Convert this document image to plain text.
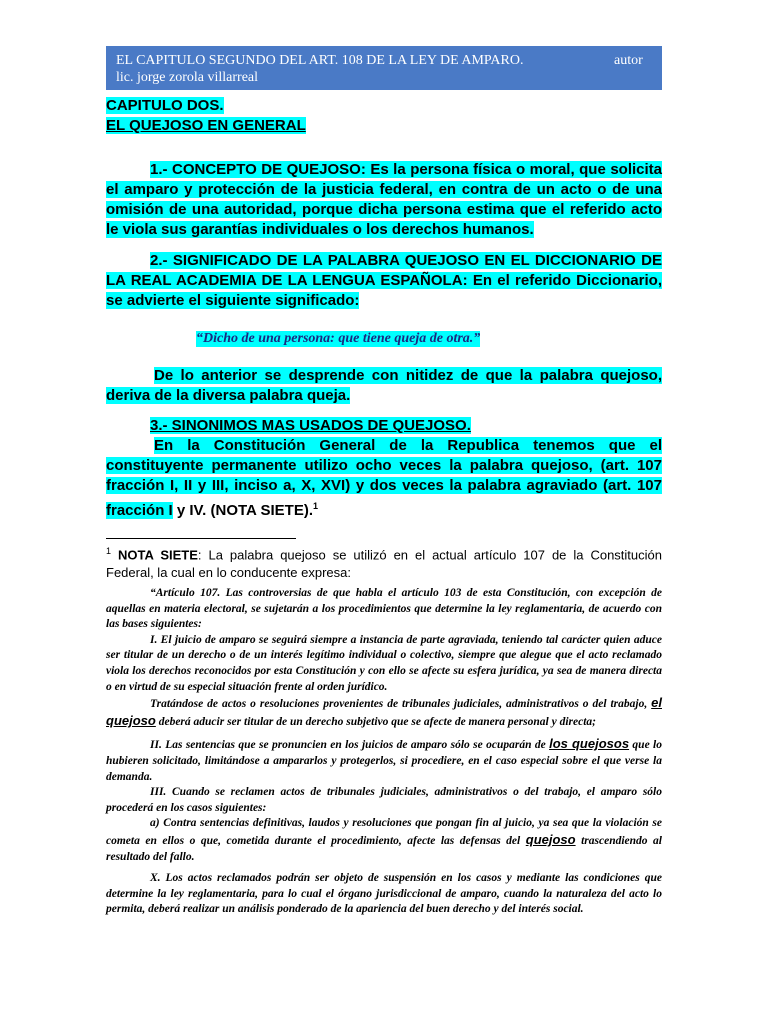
EL CAPITULO SEGUNDO DEL ART. 108 DE LA LEY DE AMPARO.	autor
lic. jorge zorola villarreal
CAPITULO DOS.
EL QUEJOSO EN GENERAL
1.- CONCEPTO DE QUEJOSO: Es la persona física o moral, que solicita el amparo y protección de la justicia federal, en contra de un acto o de una omisión de una autoridad, porque dicha persona estima que el referido acto le viola sus garantías individuales o los derechos humanos.
2.- SIGNIFICADO DE LA PALABRA QUEJOSO EN EL DICCIONARIO DE LA REAL ACADEMIA DE LA LENGUA ESPAÑOLA: En el referido Diccionario, se advierte el siguiente significado:
“Dicho de una persona: que tiene queja de otra.”
De lo anterior se desprende con nitidez de que la palabra quejoso, deriva de la diversa palabra queja.
3.- SINONIMOS MAS USADOS DE QUEJOSO.
En la Constitución General de la Republica tenemos que el constituyente permanente utilizo ocho veces la palabra quejoso, (art. 107 fracción I, II y III, inciso a, X, XVI) y dos veces la palabra agraviado (art. 107 fracción I y IV. (NOTA SIETE).$^1$
$^1$ NOTA SIETE: La palabra quejoso se utilizó en el actual artículo 107 de la Constitución Federal, la cual en lo conducente expresa:

“Artículo 107. Las controversias de que habla el artículo 103 de esta Constitución, con excepción de aquellas en materia electoral, se sujetarán a los procedimientos que determine la ley reglamentaria, de acuerdo con las bases siguientes:

I. El juicio de amparo se seguirá siempre a instancia de parte agraviada, teniendo tal carácter quien aduce ser titular de un derecho o de un interés legítimo individual o colectivo, siempre que alegue que el acto reclamado viola los derechos reconocidos por esta Constitución y con ello se afecte su esfera jurídica, ya sea de manera directa o en virtud de su especial situación frente al orden jurídico.

Tratándose de actos o resoluciones provenientes de tribunales judiciales, administrativos o del trabajo, el quejoso deberá aducir ser titular de un derecho subjetivo que se afecte de manera personal y directa;

II. Las sentencias que se pronuncien en los juicios de amparo sólo se ocuparán de los quejosos que lo hubieren solicitado, limitándose a ampararlos y protegerlos, si procediere, en el caso especial sobre el que verse la demanda.

III. Cuando se reclamen actos de tribunales judiciales, administrativos o del trabajo, el amparo sólo procederá en los casos siguientes:

a) Contra sentencias definitivas, laudos y resoluciones que pongan fin al juicio, ya sea que la violación se cometa en ellos o que, cometida durante el procedimiento, afecte las defensas del quejoso trascendiendo al resultado del fallo.

X. Los actos reclamados podrán ser objeto de suspensión en los casos y mediante las condiciones que determine la ley reglamentaria, para lo cual el órgano jurisdiccional de amparo, cuando la naturaleza del acto lo permita, deberá realizar un análisis ponderado de la apariencia del buen derecho y del interés social.
